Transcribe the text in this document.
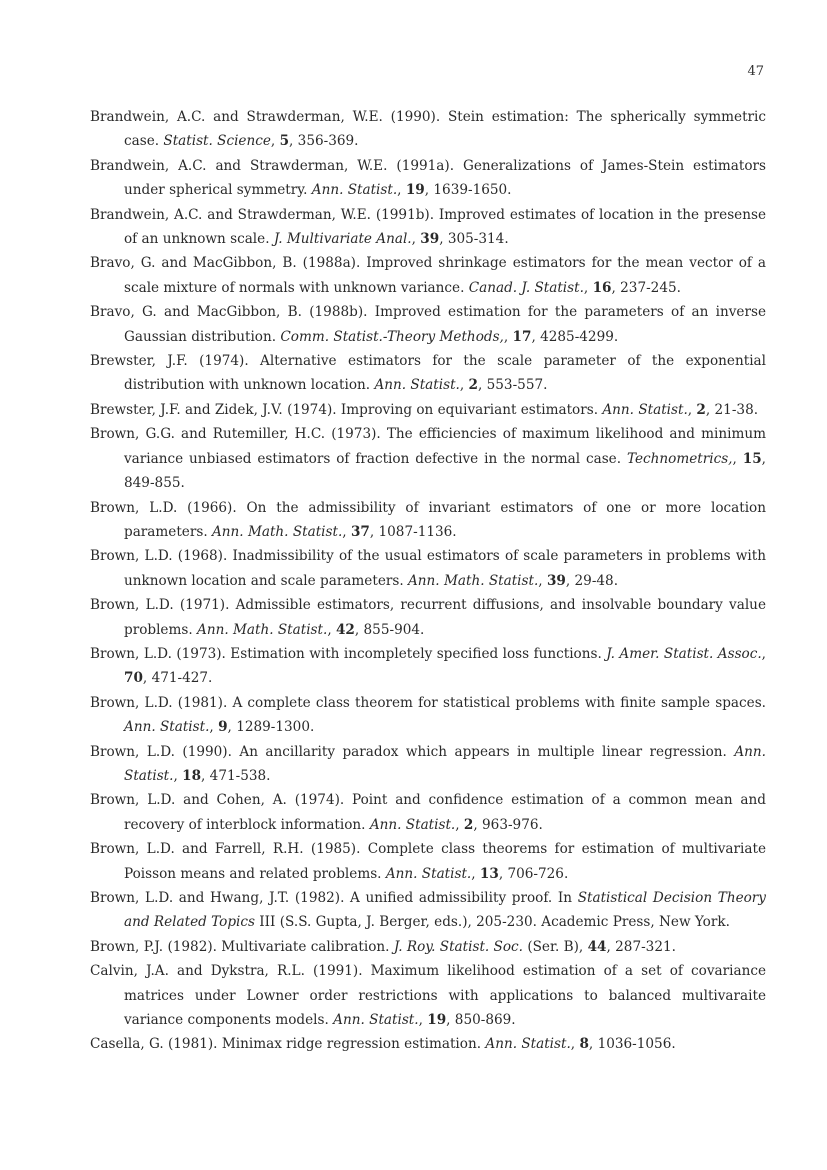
47
Brandwein, A.C. and Strawderman, W.E. (1990). Stein estimation: The spherically symmetric case. Statist. Science, 5, 356-369.
Brandwein, A.C. and Strawderman, W.E. (1991a). Generalizations of James-Stein estimators under spherical symmetry. Ann. Statist., 19, 1639-1650.
Brandwein, A.C. and Strawderman, W.E. (1991b). Improved estimates of location in the presense of an unknown scale. J. Multivariate Anal., 39, 305-314.
Bravo, G. and MacGibbon, B. (1988a). Improved shrinkage estimators for the mean vector of a scale mixture of normals with unknown variance. Canad. J. Statist., 16, 237-245.
Bravo, G. and MacGibbon, B. (1988b). Improved estimation for the parameters of an inverse Gaussian distribution. Comm. Statist.-Theory Methods,, 17, 4285-4299.
Brewster, J.F. (1974). Alternative estimators for the scale parameter of the exponential distribution with unknown location. Ann. Statist., 2, 553-557.
Brewster, J.F. and Zidek, J.V. (1974). Improving on equivariant estimators. Ann. Statist., 2, 21-38.
Brown, G.G. and Rutemiller, H.C. (1973). The efficiencies of maximum likelihood and minimum variance unbiased estimators of fraction defective in the normal case. Technometrics,, 15, 849-855.
Brown, L.D. (1966). On the admissibility of invariant estimators of one or more location parameters. Ann. Math. Statist., 37, 1087-1136.
Brown, L.D. (1968). Inadmissibility of the usual estimators of scale parameters in problems with unknown location and scale parameters. Ann. Math. Statist., 39, 29-48.
Brown, L.D. (1971). Admissible estimators, recurrent diffusions, and insolvable boundary value problems. Ann. Math. Statist., 42, 855-904.
Brown, L.D. (1973). Estimation with incompletely specified loss functions. J. Amer. Statist. Assoc., 70, 471-427.
Brown, L.D. (1981). A complete class theorem for statistical problems with finite sample spaces. Ann. Statist., 9, 1289-1300.
Brown, L.D. (1990). An ancillarity paradox which appears in multiple linear regression. Ann. Statist., 18, 471-538.
Brown, L.D. and Cohen, A. (1974). Point and confidence estimation of a common mean and recovery of interblock information. Ann. Statist., 2, 963-976.
Brown, L.D. and Farrell, R.H. (1985). Complete class theorems for estimation of multivariate Poisson means and related problems. Ann. Statist., 13, 706-726.
Brown, L.D. and Hwang, J.T. (1982). A unified admissibility proof. In Statistical Decision Theory and Related Topics III (S.S. Gupta, J. Berger, eds.), 205-230. Academic Press, New York.
Brown, P.J. (1982). Multivariate calibration. J. Roy. Statist. Soc. (Ser. B), 44, 287-321.
Calvin, J.A. and Dykstra, R.L. (1991). Maximum likelihood estimation of a set of covariance matrices under Lowner order restrictions with applications to balanced multivaraite variance components models. Ann. Statist., 19, 850-869.
Casella, G. (1981). Minimax ridge regression estimation. Ann. Statist., 8, 1036-1056.
